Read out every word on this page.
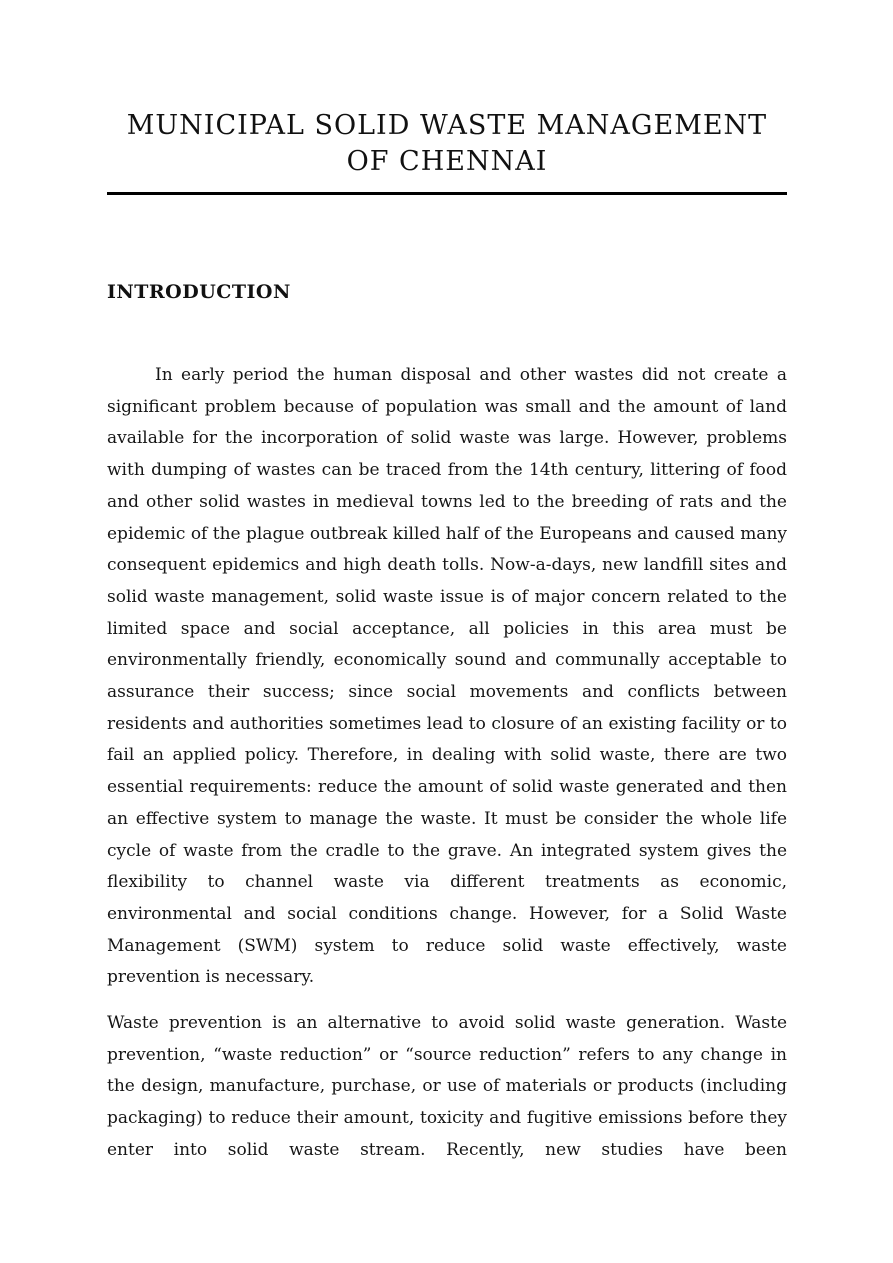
MUNICIPAL SOLID WASTE MANAGEMENT
OF CHENNAI
INTRODUCTION

In early period the human disposal and other wastes did not create a significant problem because of population was small and the amount of land available for the incorporation of solid waste was large. However, problems with dumping of wastes can be traced from the 14th century, littering of food and other solid wastes in medieval towns led to the breeding of rats and the epidemic of the plague outbreak killed half of the Europeans and caused many consequent epidemics and high death tolls. Now-a-days, new landfill sites and solid waste management, solid waste issue is of major concern related to the limited space and social acceptance, all policies in this area must be environmentally friendly, economically sound and communally acceptable to assurance their success; since social movements and conflicts between residents and authorities sometimes lead to closure of an existing facility or to fail an applied policy. Therefore, in dealing with solid waste, there are two essential requirements: reduce the amount of solid waste generated and then an effective system to manage the waste. It must be consider the whole life cycle of waste from the cradle to the grave. An integrated system gives the flexibility to channel waste via different treatments as economic, environmental and social conditions change. However, for a Solid Waste Management (SWM) system to reduce solid waste effectively, waste prevention is necessary.

Waste prevention is an alternative to avoid solid waste generation. Waste prevention, “waste reduction” or “source reduction” refers to any change in the design, manufacture, purchase, or use of materials or products (including packaging) to reduce their amount, toxicity and fugitive emissions before they enter into solid waste stream. Recently, new studies have been
